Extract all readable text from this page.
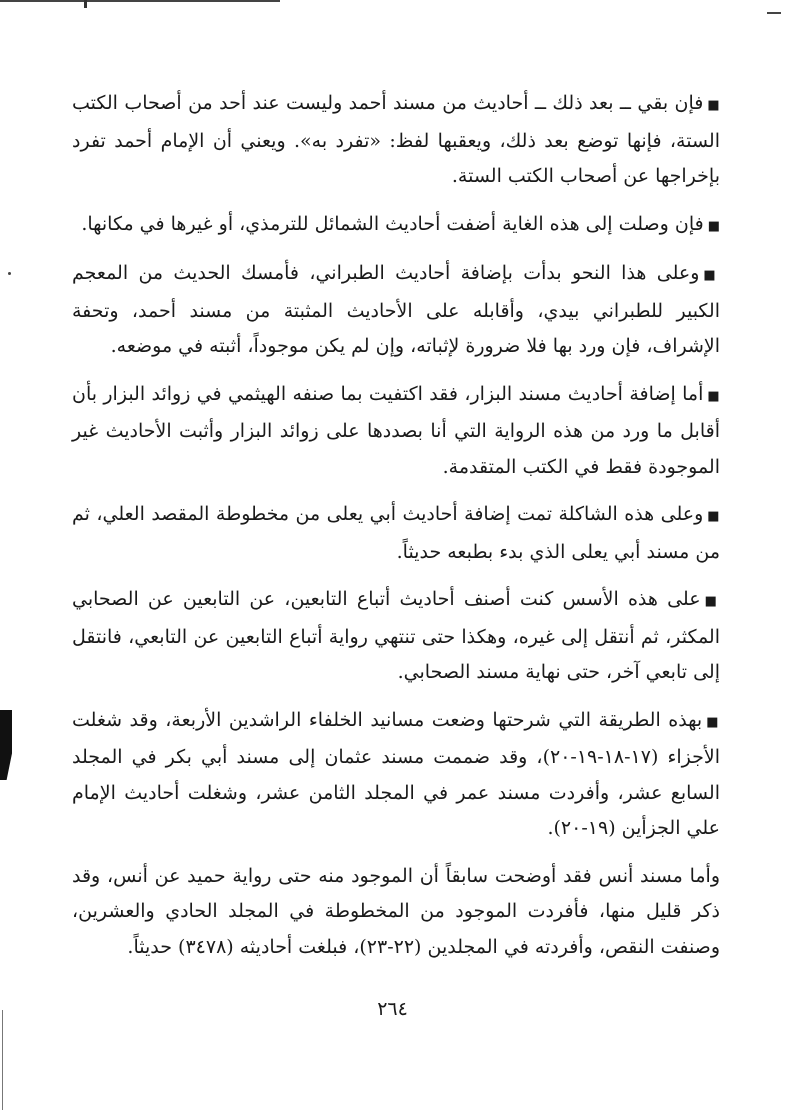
■فإن بقي ــ بعد ذلك ــ أحاديث من مسند أحمد وليست عند أحد من أصحاب الكتب الستة، فإنها توضع بعد ذلك، ويعقبها لفظ: «تفرد به». ويعني أن الإمام أحمد تفرد بإخراجها عن أصحاب الكتب الستة.

■فإن وصلت إلى هذه الغاية أضفت أحاديث الشمائل للترمذي، أو غيرها في مكانها.

■وعلى هذا النحو بدأت بإضافة أحاديث الطبراني، فأمسك الحديث من المعجم الكبير للطبراني بيدي، وأقابله على الأحاديث المثبتة من مسند أحمد، وتحفة الإشراف، فإن ورد بها فلا ضرورة لإثباته، وإن لم يكن موجوداً، أثبته في موضعه.

■أما إضافة أحاديث مسند البزار، فقد اكتفيت بما صنفه الهيثمي في زوائد البزار بأن أقابل ما ورد من هذه الرواية التي أنا بصددها على زوائد البزار وأثبت الأحاديث غير الموجودة فقط في الكتب المتقدمة.

■وعلى هذه الشاكلة تمت إضافة أحاديث أبي يعلى من مخطوطة المقصد العلي، ثم من مسند أبي يعلى الذي بدء بطبعه حديثاً.

■على هذه الأسس كنت أصنف أحاديث أتباع التابعين، عن التابعين عن الصحابي المكثر، ثم أنتقل إلى غيره، وهكذا حتى تنتهي رواية أتباع التابعين عن التابعي، فانتقل إلى تابعي آخر، حتى نهاية مسند الصحابي.

■بهذه الطريقة التي شرحتها وضعت مسانيد الخلفاء الراشدين الأربعة، وقد شغلت الأجزاء (١٧-١٨-١٩-٢٠)، وقد ضممت مسند عثمان إلى مسند أبي بكر في المجلد السابع عشر، وأفردت مسند عمر في المجلد الثامن عشر، وشغلت أحاديث الإمام علي الجزأين (١٩-٢٠).

وأما مسند أنس فقد أوضحت سابقاً أن الموجود منه حتى رواية حميد عن أنس، وقد ذكر قليل منها، فأفردت الموجود من المخطوطة في المجلد الحادي والعشرين، وصنفت النقص، وأفردته في المجلدين (٢٢-٢٣)، فبلغت أحاديثه (٣٤٧٨) حديثاً.

٢٦٤
